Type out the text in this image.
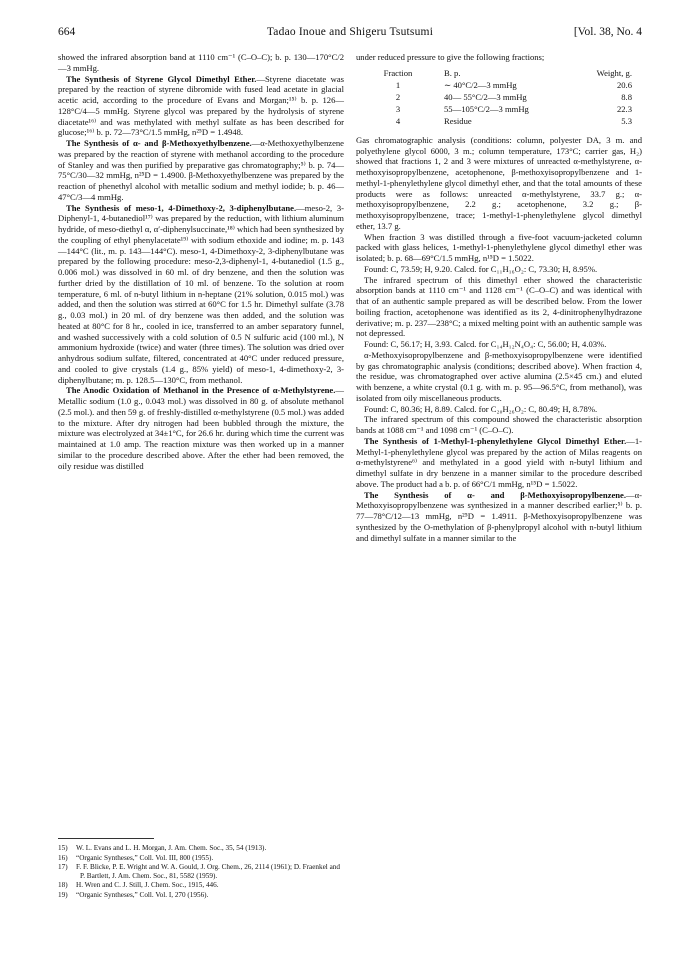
664	Tadao Inoue and Shigeru Tsutsumi	[Vol. 38, No. 4

showed the infrared absorption band at 1110 cm⁻¹ (C–O–C); b. p. 130—170°C/2—3 mmHg.

The Synthesis of Styrene Glycol Dimethyl Ether.—Styrene diacetate was prepared by the reaction of styrene dibromide with fused lead acetate in glacial acetic acid, according to the procedure of Evans and Morgan;¹⁵⁾ b. p. 126—128°C/4—5 mmHg. Styrene glycol was prepared by the hydrolysis of styrene diacetate¹⁶⁾ and was methylated with methyl sulfate as has been described for glucose;¹⁶⁾ b. p. 72—73°C/1.5 mmHg, n²⁵D = 1.4948.

The Synthesis of α- and β-Methoxyethylbenzene.—α-Methoxyethylbenzene was prepared by the reaction of styrene with methanol according to the procedure of Stanley and was then purified by preparative gas chromatography;⁵⁾ b. p. 74—75°C/30—32 mmHg, n²⁵D = 1.4900. β-Methoxyethylbenzene was prepared by the reaction of phenethyl alcohol with metallic sodium and methyl iodide; b. p. 46—47°C/3—4 mmHg.

The Synthesis of meso-1, 4-Dimethoxy-2, 3-diphenylbutane.—meso-2, 3-Diphenyl-1, 4-butanediol¹⁷⁾ was prepared by the reduction, with lithium aluminum hydride, of meso-diethyl α, α′-diphenylsuccinate,¹⁸⁾ which had been synthesized by the coupling of ethyl phenylacetate¹⁹⁾ with sodium ethoxide and iodine; m. p. 143—144°C (lit., m. p. 143—144°C). meso-1, 4-Dimethoxy-2, 3-diphenylbutane was prepared by the following procedure: meso-2,3-diphenyl-1, 4-butanediol (1.5 g., 0.006 mol.) was dissolved in 60 ml. of dry benzene, and then the solution was further dried by the distillation of 10 ml. of benzene. To the solution at room temperature, 6 ml. of n-butyl lithium in n-heptane (21% solution, 0.015 mol.) was added, and then the solution was stirred at 60°C for 1.5 hr. Dimethyl sulfate (3.78 g., 0.03 mol.) in 20 ml. of dry benzene was then added, and the solution was heated at 80°C for 8 hr., cooled in ice, transferred to an amber separatory funnel, and washed successively with a cold solution of 0.5 N sulfuric acid (100 ml.), N ammonium hydroxide (twice) and water (three times). The solution was dried over anhydrous sodium sulfate, filtered, concentrated at 40°C under reduced pressure, and cooled to give crystals (1.4 g., 85% yield) of meso-1, 4-dimethoxy-2, 3-diphenylbutane; m. p. 128.5—130°C, from methanol.

The Anodic Oxidation of Methanol in the Presence of α-Methylstyrene.—Metallic sodium (1.0 g., 0.043 mol.) was dissolved in 80 g. of absolute methanol (2.5 mol.). and then 59 g. of freshly-distilled α-methylstyrene (0.5 mol.) was added to the mixture. After dry nitrogen had been bubbled through the mixture, the mixture was electrolyzed at 34±1°C, for 26.6 hr. during which time the current was maintained at 1.0 amp. The reaction mixture was then worked up in a manner similar to the procedure described above. After the ether had been removed, the oily residue was distilled

under reduced pressure to give the following fractions;

Fraction	B. p.	Weight, g.
1	∼ 40°C/2—3 mmHg	20.6
2	40— 55°C/2—3 mmHg	8.8
3	55—105°C/2—3 mmHg	22.3
4	Residue	5.3

Gas chromatographic analysis (conditions: column, polyester DA, 3 m. and polyethylene glycol 6000, 3 m.; column temperature, 173°C; carrier gas, H₂) showed that fractions 1, 2 and 3 were mixtures of unreacted α-methylstyrene, α-methoxyisopropylbenzene, acetophenone, β-methoxyisopropylbenzene and 1-methyl-1-phenylethylene glycol dimethyl ether, and that the total amounts of these products were as follows: unreacted α-methylstyrene, 33.7 g.; α-methoxyisopropylbenzene, 2.2 g.; acetophenone, 3.2 g.; β-methoxyisopropylbenzene, trace; 1-methyl-1-phenylethylene glycol dimethyl ether, 13.7 g.

When fraction 3 was distilled through a five-foot vacuum-jacketed column packed with glass helices, 1-methyl-1-phenylethylene glycol dimethyl ether was isolated; b. p. 68—69°C/1.5 mmHg, n¹⁵D = 1.5022.

Found: C, 73.59; H, 9.20. Calcd. for C₁₁H₁₆O₂: C, 73.30; H, 8.95%.

The infrared spectrum of this dimethyl ether showed the characteristic absorption bands at 1110 cm⁻¹ and 1128 cm⁻¹ (C–O–C) and was identical with that of an authentic sample prepared as will be described below. From the lower boiling fraction, acetophenone was identified as its 2, 4-dinitrophenylhydrazone derivative; m. p. 237—238°C; a mixed melting point with an authentic sample was not depressed.

Found: C, 56.17; H, 3.93. Calcd. for C₁₄H₁₂N₄O₄: C, 56.00; H, 4.03%.

α-Methoxyisopropylbenzene and β-methoxyisopropylbenzene were identified by gas chromatographic analysis (conditions; described above). When fraction 4, the residue, was chromatographed over active alumina (2.5×45 cm.) and eluted with benzene, a white crystal (0.1 g. with m. p. 95—96.5°C, from methanol), was isolated from oily miscellaneous products.

Found: C, 80.36; H, 8.89. Calcd. for C₂₀H₂₆O₂: C, 80.49; H, 8.78%.

The infrared spectrum of this compound showed the characteristic absorption bands at 1088 cm⁻¹ and 1098 cm⁻¹ (C–O–C).

The Synthesis of 1-Methyl-1-phenylethylene Glycol Dimethyl Ether.—1-Methyl-1-phenylethylene glycol was prepared by the action of Milas reagents on α-methylstyrene⁶⁾ and methylated in a good yield with n-butyl lithium and dimethyl sulfate in dry benzene in a manner similar to the procedure described above. The product had a b. p. of 66°C/1 mmHg, n¹⁵D = 1.5022.

The Synthesis of α- and β-Methoxyisopropylbenzene.—α-Methoxyisopropylbenzene was synthesized in a manner described earlier;⁵⁾ b. p. 77—78°C/12—13 mmHg, n²⁵D = 1.4911. β-Methoxyisopropylbenzene was synthesized by the O-methylation of β-phenylpropyl alcohol with n-butyl lithium and dimethyl sulfate in a manner similar to the

15) W. L. Evans and L. H. Morgan, J. Am. Chem. Soc., 35, 54 (1913).
16) “Organic Syntheses,” Coll. Vol. III, 800 (1955).
17) F. F. Blicke, P. E. Wright and W. A. Gould, J. Org. Chem., 26, 2114 (1961); D. Fraenkel and P. Bartlett, J. Am. Chem. Soc., 81, 5582 (1959).
18) H. Wren and C. J. Still, J. Chem. Soc., 1915, 446.
19) “Organic Syntheses,” Coll. Vol. I, 270 (1956).
